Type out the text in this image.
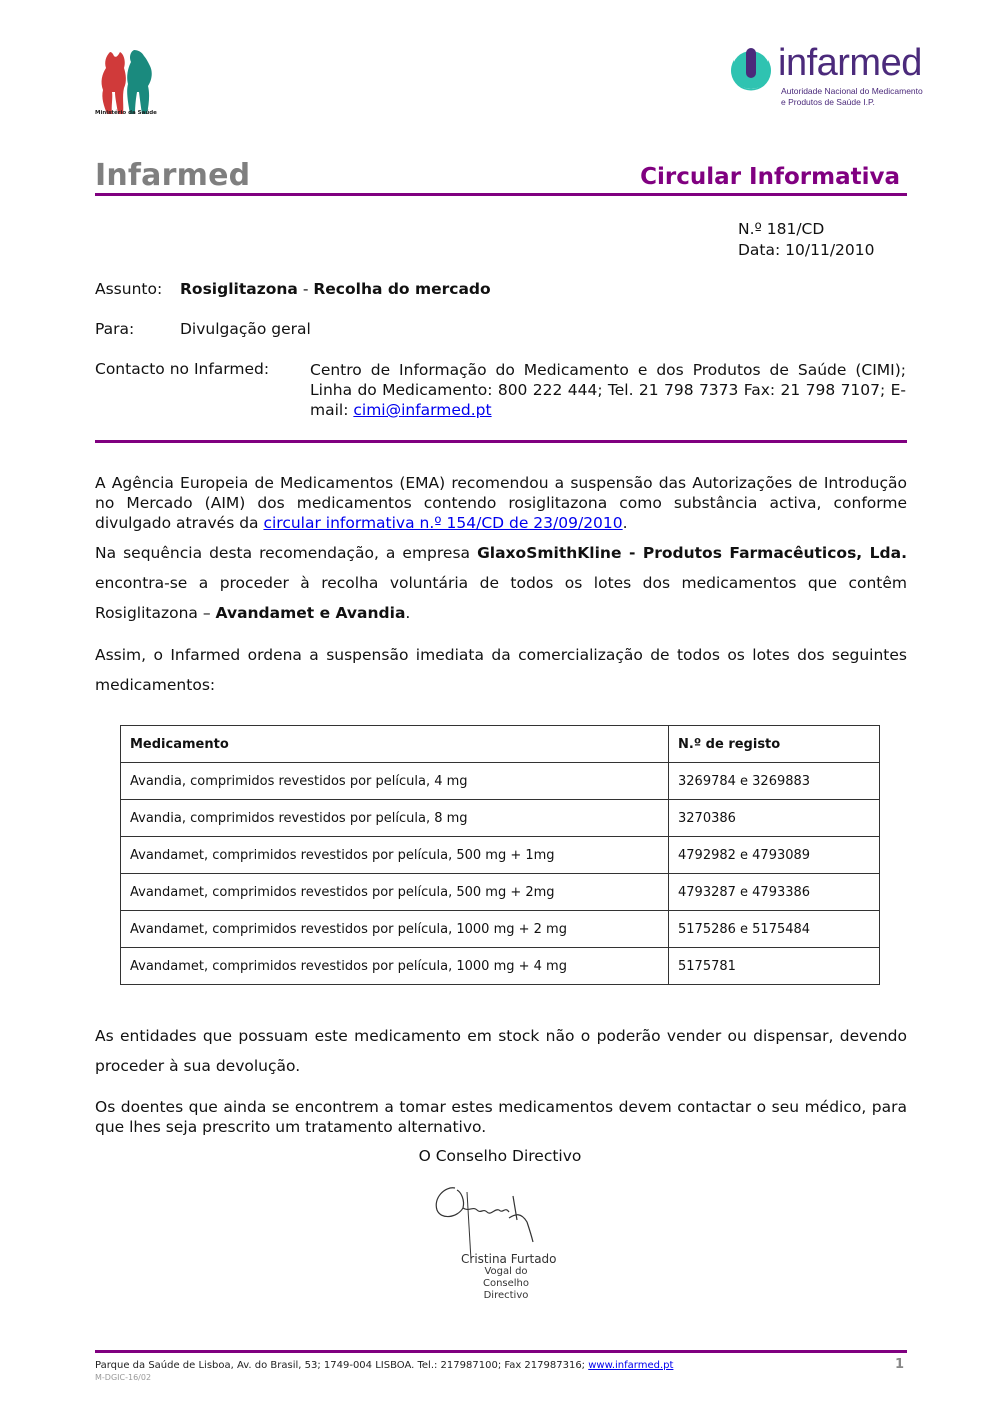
Ministério da Saúde
infarmed
Autoridade Nacional do Medicamento
e Produtos de Saúde I.P.
Infarmed	Circular Informativa
N.º 181/CD
Data: 10/11/2010
Assunto: Rosiglitazona - Recolha do mercado
Para:	Divulgação geral
Contacto no Infarmed:	Centro de Informação do Medicamento e dos Produtos de Saúde (CIMI); Linha do Medicamento: 800 222 444; Tel. 21 798 7373 Fax: 21 798 7107; E-mail: cimi@infarmed.pt
A Agência Europeia de Medicamentos (EMA) recomendou a suspensão das Autorizações de Introdução no Mercado (AIM) dos medicamentos contendo rosiglitazona como substância activa, conforme divulgado através da circular informativa n.º 154/CD de 23/09/2010.
Na sequência desta recomendação, a empresa GlaxoSmithKline - Produtos Farmacêuticos, Lda. encontra-se a proceder à recolha voluntária de todos os lotes dos medicamentos que contêm Rosiglitazona – Avandamet e Avandia.
Assim, o Infarmed ordena a suspensão imediata da comercialização de todos os lotes dos seguintes medicamentos:
Medicamento	N.º de registo
Avandia, comprimidos revestidos por película, 4 mg	3269784 e 3269883
Avandia, comprimidos revestidos por película, 8 mg	3270386
Avandamet, comprimidos revestidos por película, 500 mg + 1mg	4792982 e 4793089
Avandamet, comprimidos revestidos por película, 500 mg + 2mg	4793287 e 4793386
Avandamet, comprimidos revestidos por película, 1000 mg + 2 mg	5175286 e 5175484
Avandamet, comprimidos revestidos por película, 1000 mg + 4 mg	5175781
As entidades que possuam este medicamento em stock não o poderão vender ou dispensar, devendo proceder à sua devolução.
Os doentes que ainda se encontrem a tomar estes medicamentos devem contactar o seu médico, para que lhes seja prescrito um tratamento alternativo.
O Conselho Directivo
Cristina Furtado
Vogal do
Conselho Directivo
Parque da Saúde de Lisboa, Av. do Brasil, 53; 1749-004 LISBOA. Tel.: 217987100; Fax 217987316; www.infarmed.pt
M-DGIC-16/02
1
